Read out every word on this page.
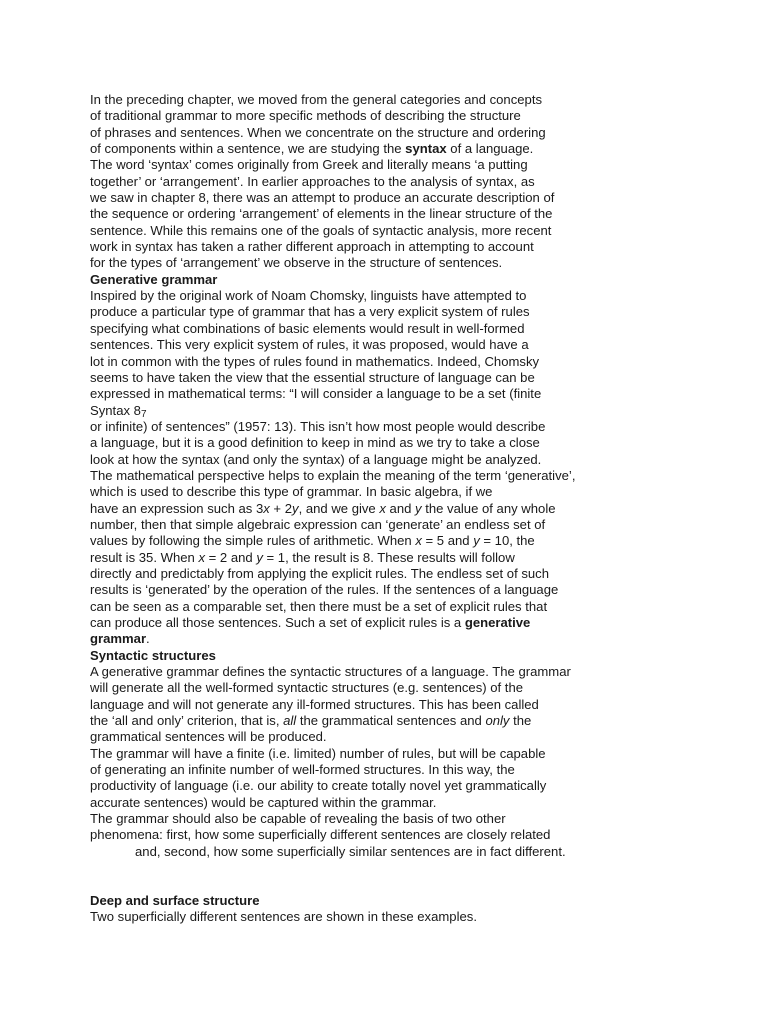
In the preceding chapter, we moved from the general categories and concepts
of traditional grammar to more specific methods of describing the structure
of phrases and sentences. When we concentrate on the structure and ordering
of components within a sentence, we are studying the syntax of a language.
The word ‘syntax’ comes originally from Greek and literally means ‘a putting
together’ or ‘arrangement’. In earlier approaches to the analysis of syntax, as
we saw in chapter 8, there was an attempt to produce an accurate description of
the sequence or ordering ‘arrangement’ of elements in the linear structure of the
sentence. While this remains one of the goals of syntactic analysis, more recent
work in syntax has taken a rather different approach in attempting to account
for the types of ‘arrangement’ we observe in the structure of sentences.
Generative grammar
Inspired by the original work of Noam Chomsky, linguists have attempted to
produce a particular type of grammar that has a very explicit system of rules
specifying what combinations of basic elements would result in well-formed
sentences. This very explicit system of rules, it was proposed, would have a
lot in common with the types of rules found in mathematics. Indeed, Chomsky
seems to have taken the view that the essential structure of language can be
expressed in mathematical terms: “I will consider a language to be a set (finite
Syntax $8_7$
or infinite) of sentences” (1957: 13). This isn’t how most people would describe
a language, but it is a good definition to keep in mind as we try to take a close
look at how the syntax (and only the syntax) of a language might be analyzed.
The mathematical perspective helps to explain the meaning of the term ‘generative’,
which is used to describe this type of grammar. In basic algebra, if we
have an expression such as 3x + 2y, and we give x and y the value of any whole
number, then that simple algebraic expression can ‘generate’ an endless set of
values by following the simple rules of arithmetic. When x = 5 and y = 10, the
result is 35. When x = 2 and y = 1, the result is 8. These results will follow
directly and predictably from applying the explicit rules. The endless set of such
results is ‘generated’ by the operation of the rules. If the sentences of a language
can be seen as a comparable set, then there must be a set of explicit rules that
can produce all those sentences. Such a set of explicit rules is a generative
grammar.
Syntactic structures
A generative grammar defines the syntactic structures of a language. The grammar
will generate all the well-formed syntactic structures (e.g. sentences) of the
language and will not generate any ill-formed structures. This has been called
the ‘all and only’ criterion, that is, all the grammatical sentences and only the
grammatical sentences will be produced.
The grammar will have a finite (i.e. limited) number of rules, but will be capable
of generating an infinite number of well-formed structures. In this way, the
productivity of language (i.e. our ability to create totally novel yet grammatically
accurate sentences) would be captured within the grammar.
The grammar should also be capable of revealing the basis of two other
phenomena: first, how some superficially different sentences are closely related
and, second, how some superficially similar sentences are in fact different.
Deep and surface structure
Two superficially different sentences are shown in these examples.
